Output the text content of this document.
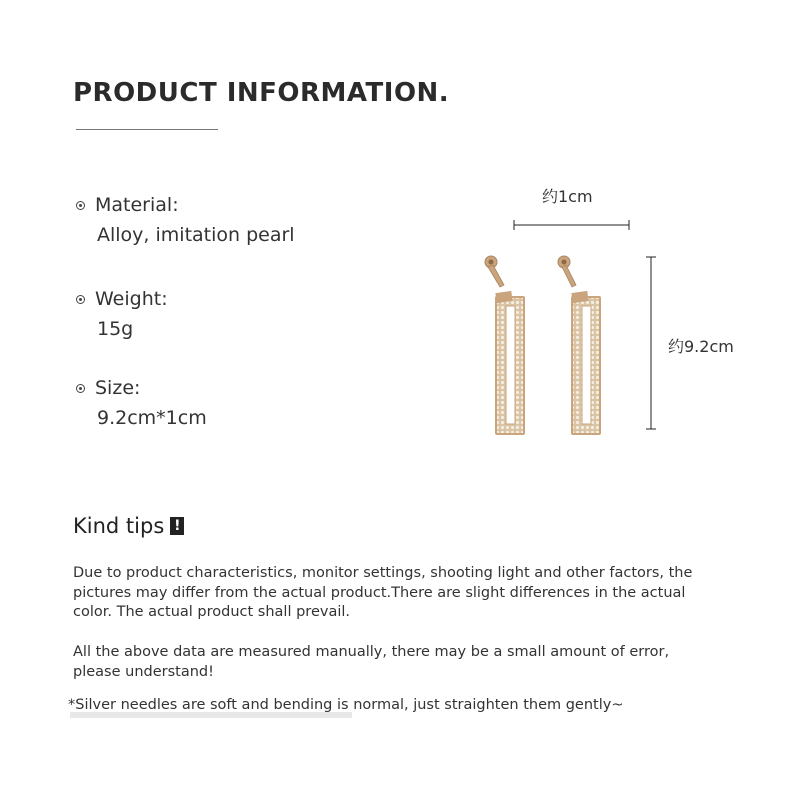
PRODUCT INFORMATION.
Material:
Alloy, imitation pearl
Weight:
15g
Size:
9.2cm*1cm
约1cm
约9.2cm
Kind tips !

Due to product characteristics, monitor settings, shooting light and other factors, the pictures may differ from the actual product.There are slight differences in the actual color. The actual product shall prevail.

All the above data are measured manually, there may be a small amount of error, please understand!

*Silver needles are soft and bending is normal, just straighten them gently~
